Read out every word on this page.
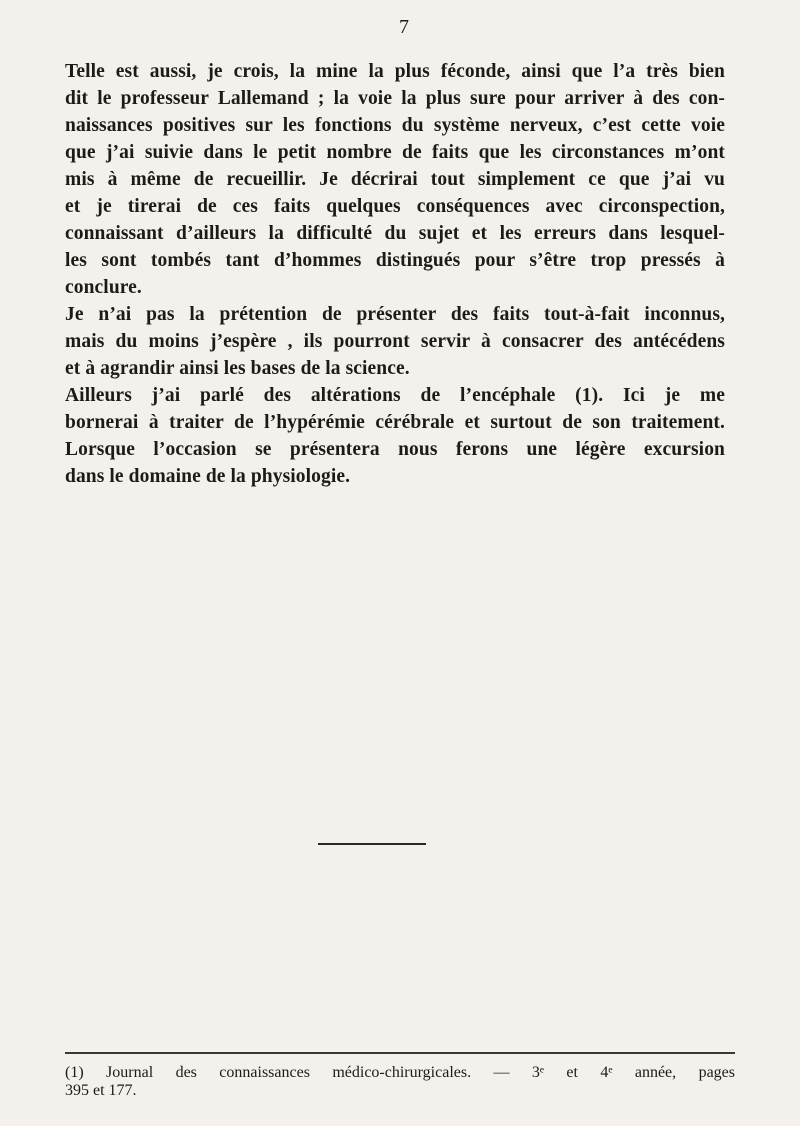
7

Telle est aussi, je crois, la mine la plus féconde, ainsi que l’a très bien
dit le professeur Lallemand ; la voie la plus sure pour arriver à des con-
naissances positives sur les fonctions du système nerveux, c’est cette voie
que j’ai suivie dans le petit nombre de faits que les circonstances m’ont
mis à même de recueillir. Je décrirai tout simplement ce que j’ai vu
et je tirerai de ces faits quelques conséquences avec circonspection,
connaissant d’ailleurs la difficulté du sujet et les erreurs dans lesquel-
les sont tombés tant d’hommes distingués pour s’être trop pressés à
conclure.

Je n’ai pas la prétention de présenter des faits tout-à-fait inconnus,
mais du moins j’espère , ils pourront servir à consacrer des antécédens
et à agrandir ainsi les bases de la science.

Ailleurs j’ai parlé des altérations de l’encéphale (1). Ici je me
bornerai à traiter de l’hypérémie cérébrale et surtout de son traitement.
Lorsque l’occasion se présentera nous ferons une légère excursion
dans le domaine de la physiologie.

(1) Journal des connaissances médico-chirurgicales. — 3ᵉ et 4ᵉ année, pages
395 et 177.
